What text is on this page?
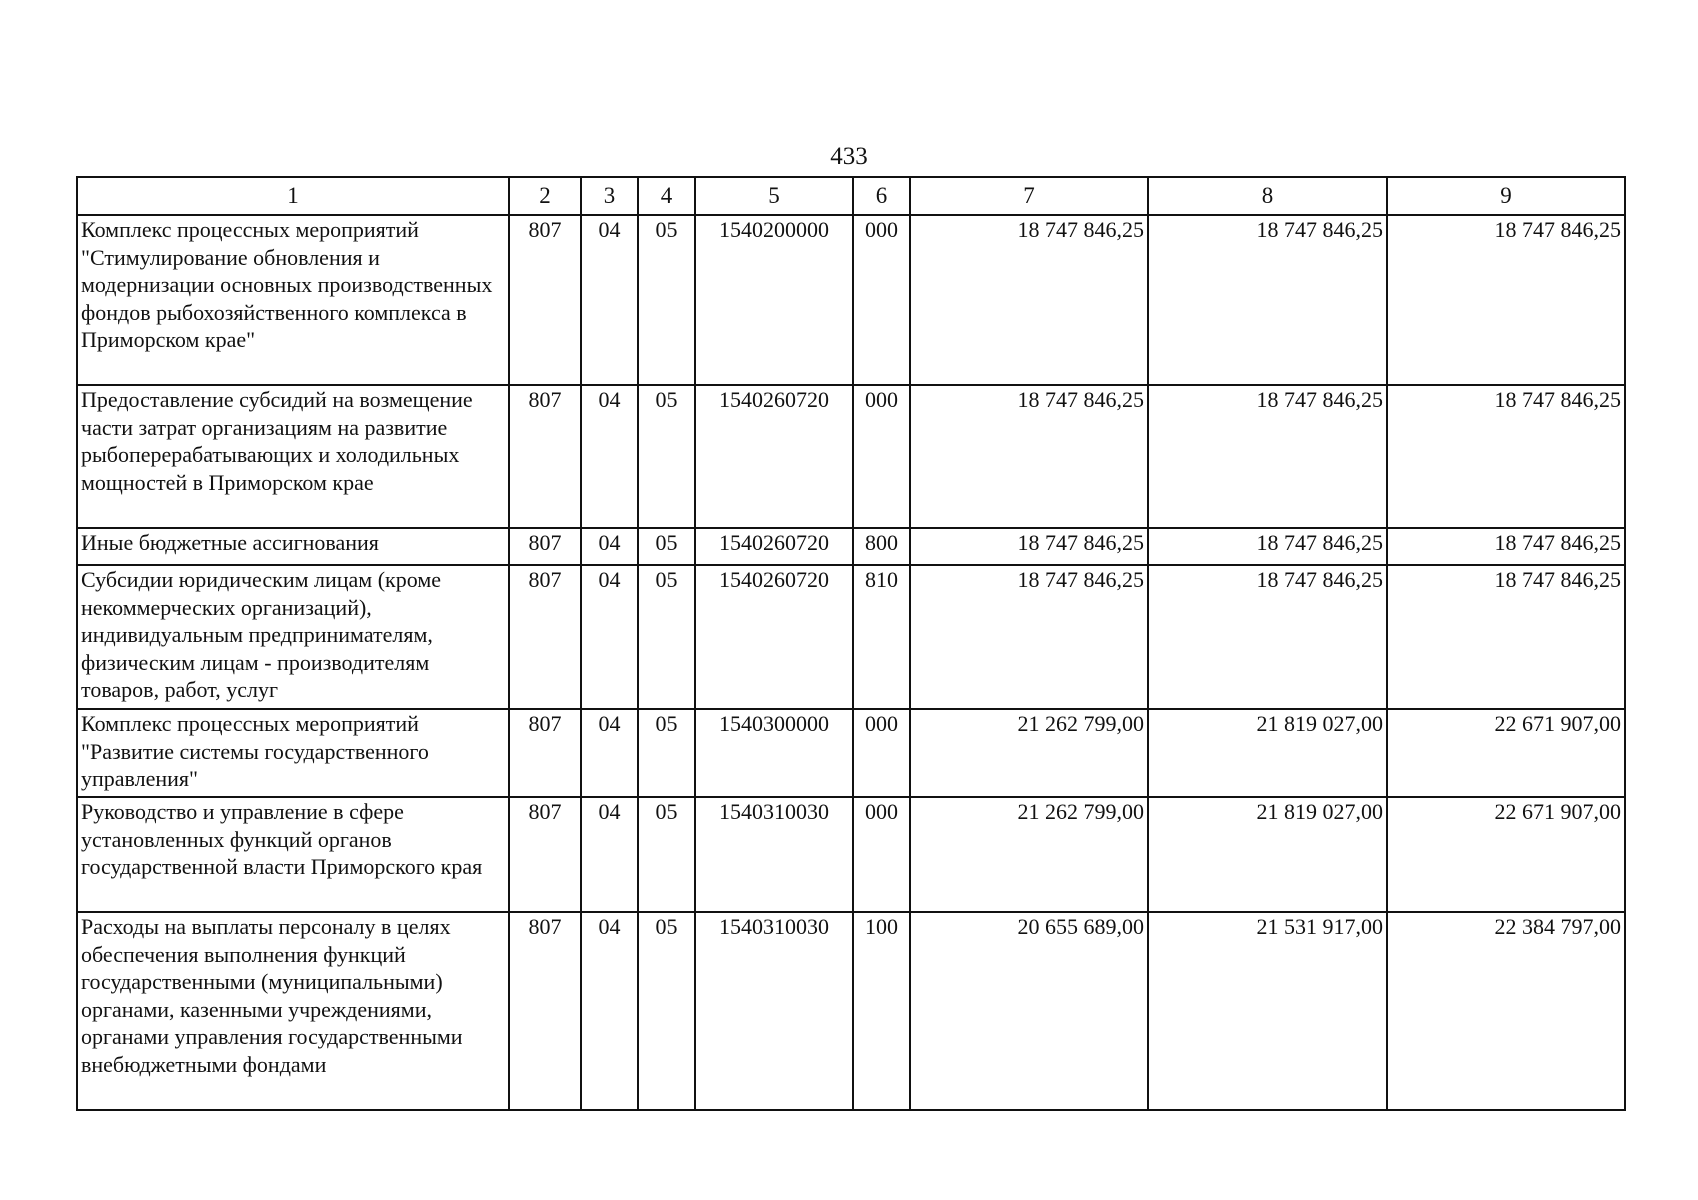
433
1	2	3	4	5	6	7	8	9
Комплекс процессных мероприятий "Стимулирование обновления и модернизации основных производственных фондов рыбохозяйственного комплекса в Приморском крае"	807	04	05	1540200000	000	18 747 846,25	18 747 846,25	18 747 846,25
Предоставление субсидий на возмещение части затрат организациям на развитие рыбоперерабатывающих и холодильных мощностей в Приморском крае	807	04	05	1540260720	000	18 747 846,25	18 747 846,25	18 747 846,25
Иные бюджетные ассигнования	807	04	05	1540260720	800	18 747 846,25	18 747 846,25	18 747 846,25
Субсидии юридическим лицам (кроме некоммерческих организаций), индивидуальным предпринимателям, физическим лицам - производителям товаров, работ, услуг	807	04	05	1540260720	810	18 747 846,25	18 747 846,25	18 747 846,25
Комплекс процессных мероприятий "Развитие системы государственного управления"	807	04	05	1540300000	000	21 262 799,00	21 819 027,00	22 671 907,00
Руководство и управление в сфере установленных функций органов государственной власти Приморского края	807	04	05	1540310030	000	21 262 799,00	21 819 027,00	22 671 907,00
Расходы на выплаты персоналу в целях обеспечения выполнения функций государственными (муниципальными) органами, казенными учреждениями, органами управления государственными внебюджетными фондами	807	04	05	1540310030	100	20 655 689,00	21 531 917,00	22 384 797,00
